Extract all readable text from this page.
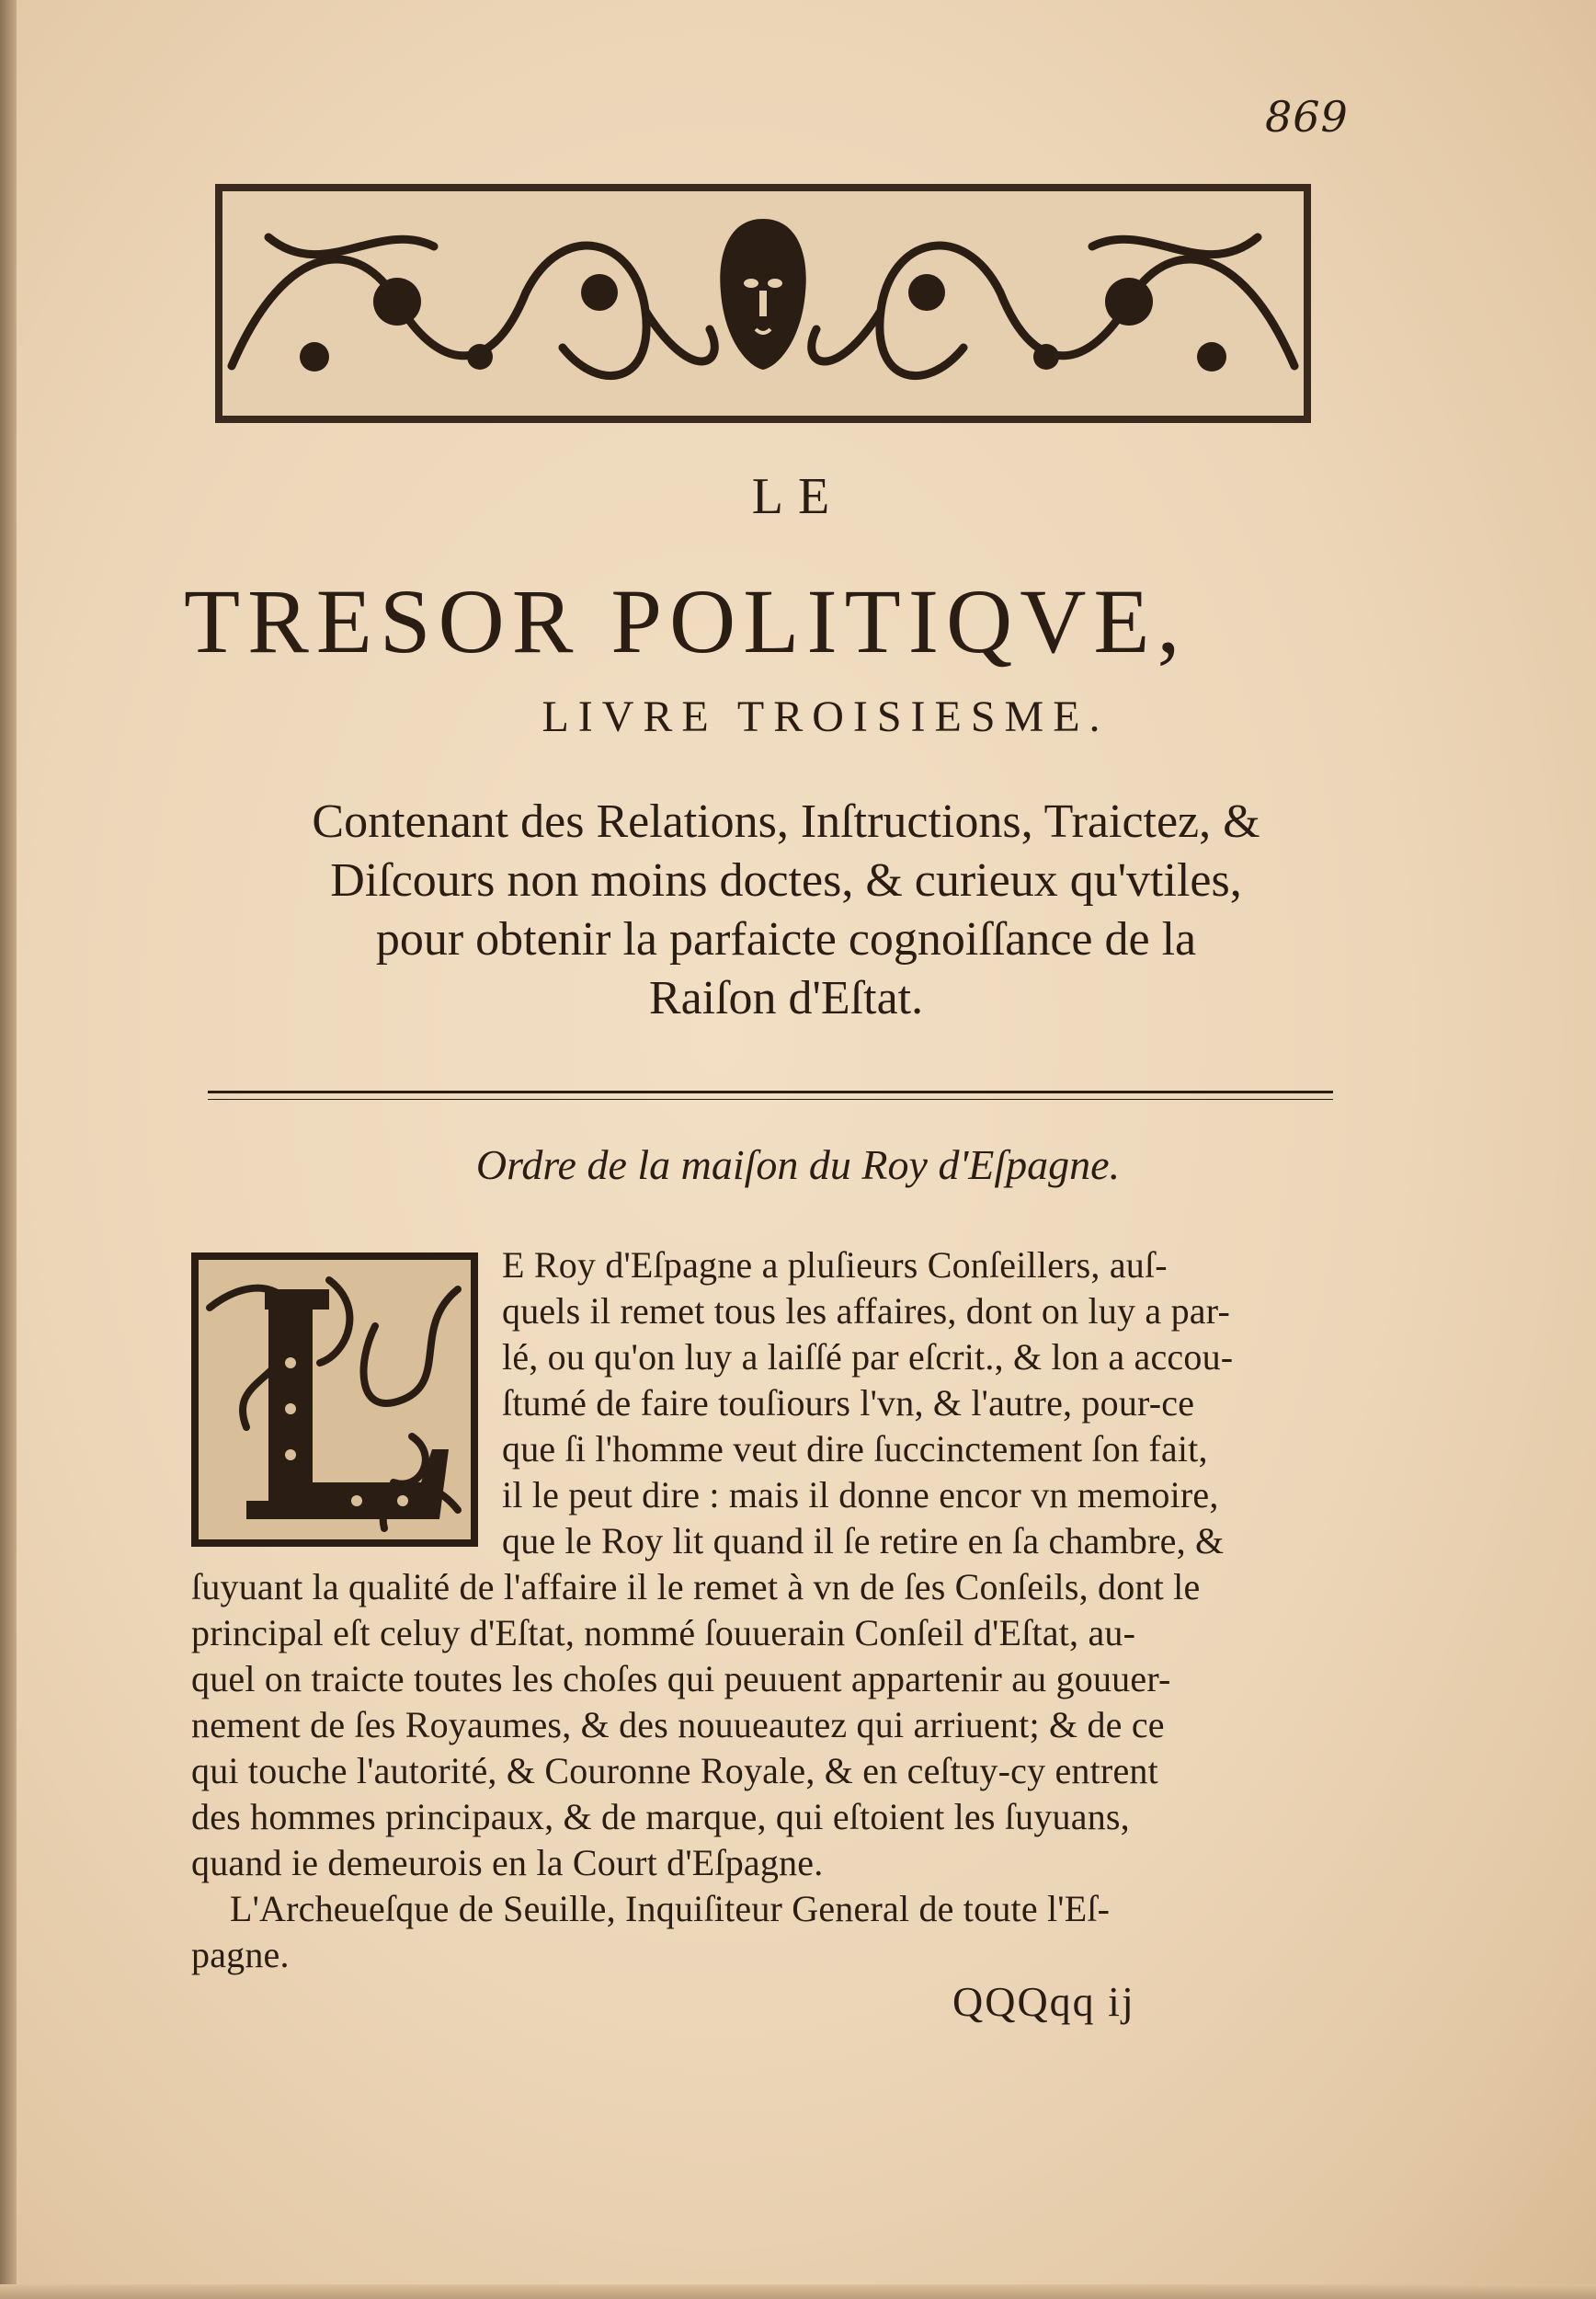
869
LE
TRESOR POLITIQVE,
LIVRE TROISIESME.
Contenant des Relations, Inſtructions, Traictez, &
Diſcours non moins doctes, & curieux qu'vtiles,
pour obtenir la parfaicte cognoiſſance de la
Raiſon d'Eſtat.
Ordre de la maiſon du Roy d'Eſpagne.
E Roy d'Eſpagne a pluſieurs Conſeillers, auſ-
quels il remet tous les affaires, dont on luy a par-
lé, ou qu'on luy a laiſſé par eſcrit., & lon a accou-
ſtumé de faire touſiours l'vn, & l'autre, pour-ce
que ſi l'homme veut dire ſuccinctement ſon fait,
il le peut dire : mais il donne encor vn memoire,
que le Roy lit quand il ſe retire en ſa chambre, &
ſuyuant la qualité de l'affaire il le remet à vn de ſes Conſeils, dont le
principal eſt celuy d'Eſtat, nommé ſouuerain Conſeil d'Eſtat, au-
quel on traicte toutes les choſes qui peuuent appartenir au gouuer-
nement de ſes Royaumes, & des nouueautez qui arriuent; & de ce
qui touche l'autorité, & Couronne Royale, & en ceſtuy-cy entrent
des hommes principaux, & de marque, qui eſtoient les ſuyuans,
quand ie demeurois en la Court d'Eſpagne.
L'Archeueſque de Seuille, Inquiſiteur General de toute l'Eſ-
pagne.
QQQqq ij
